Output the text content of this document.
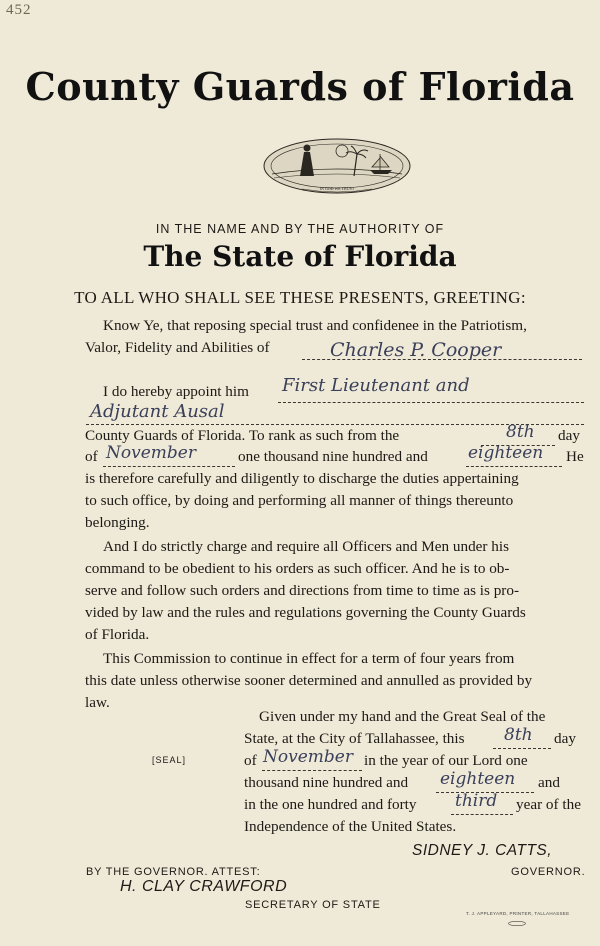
452
County Guards of Florida
IN GOD WE TRUST
IN THE NAME AND BY THE AUTHORITY OF
The State of Florida
TO ALL WHO SHALL SEE THESE PRESENTS, GREETING:
Know Ye, that reposing special trust and confidenee in the Patriotism,
Valor, Fidelity and Abilities of	Charles P. Cooper
I do hereby appoint him First Lieutenant and
Adjutant Ausal
County Guards of Florida. To rank as such from the	8th day
of November	one thousand nine hundred and eighteen He
is therefore carefully and diligently to discharge the duties appertaining
to such office, by doing and performing all manner of things thereunto
belonging.
And I do strictly charge and require all Officers and Men under his
command to be obedient to his orders as such officer. And he is to ob-
serve and follow such orders and directions from time to time as is pro-
vided by law and the rules and regulations governing the County Guards
of Florida.
This Commission to continue in effect for a term of four years from
this date unless otherwise sooner determined and annulled as provided by
law.
Given under my hand and the Great Seal of the
State, at the City of Tallahassee, this 8th day
[SEAL]	of November in the year of our Lord one
thousand nine hundred and eighteen and
in the one hundred and forty third year of the
Independence of the United States.
SIDNEY J. CATTS,
GOVERNOR.
BY THE GOVERNOR. ATTEST:
H. CLAY CRAWFORD
SECRETARY OF STATE
T. J. APPLEYARD, PRINTER, TALLAHASSEE
